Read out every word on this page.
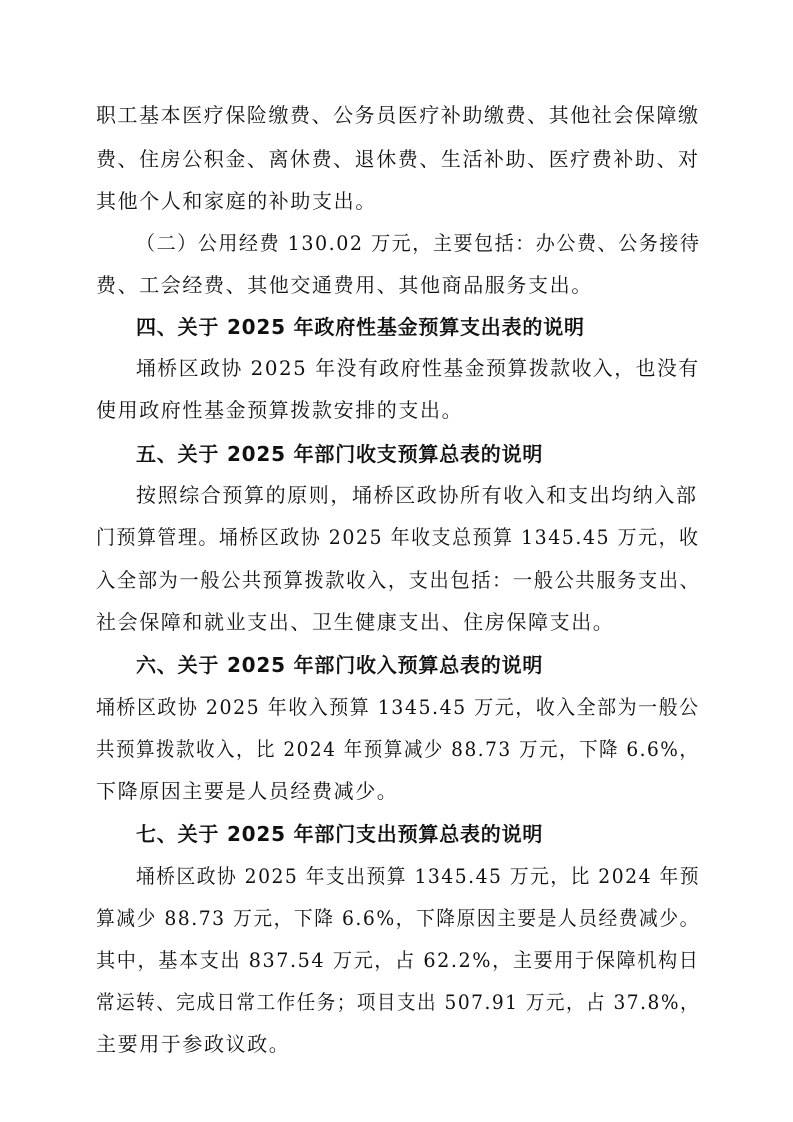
职工基本医疗保险缴费、公务员医疗补助缴费、其他社会保障缴
费、住房公积金、离休费、退休费、生活补助、医疗费补助、对
其他个人和家庭的补助支出。
（二）公用经费 130.02 万元，主要包括：办公费、公务接待
费、工会经费、其他交通费用、其他商品服务支出。
四、关于 2025 年政府性基金预算支出表的说明
埇桥区政协 2025 年没有政府性基金预算拨款收入，也没有
使用政府性基金预算拨款安排的支出。
五、关于 2025 年部门收支预算总表的说明
按照综合预算的原则，埇桥区政协所有收入和支出均纳入部
门预算管理。埇桥区政协 2025 年收支总预算 1345.45 万元，收
入全部为一般公共预算拨款收入，支出包括：一般公共服务支出、
社会保障和就业支出、卫生健康支出、住房保障支出。
六、关于 2025 年部门收入预算总表的说明
埇桥区政协 2025 年收入预算 1345.45 万元，收入全部为一般公
共预算拨款收入，比 2024 年预算减少 88.73 万元，下降 6.6%，
下降原因主要是人员经费减少。
七、关于 2025 年部门支出预算总表的说明
埇桥区政协 2025 年支出预算 1345.45 万元，比 2024 年预
算减少 88.73 万元，下降 6.6%，下降原因主要是人员经费减少。
其中，基本支出 837.54 万元，占 62.2%，主要用于保障机构日
常运转、完成日常工作任务；项目支出 507.91 万元，占 37.8%，
主要用于参政议政。
